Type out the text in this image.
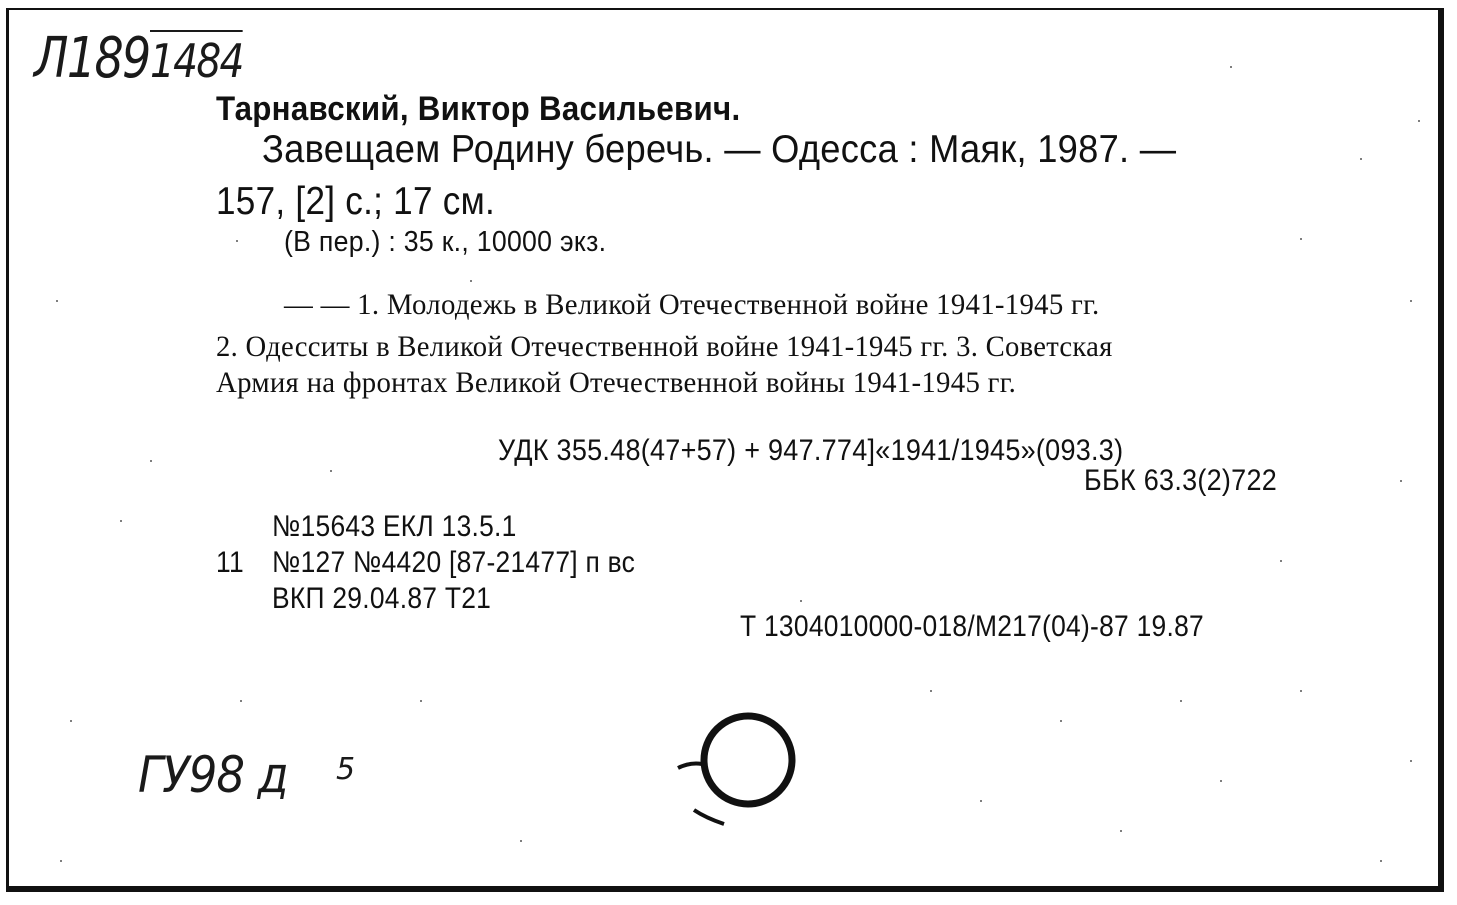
Л189 1484
Тарнавский, Виктор Васильевич.
Завещаем Родину беречь. — Одесса : Маяк, 1987. —
157, [2] с.; 17 см.
(В пер.) : 35 к., 10000 экз.
— — 1. Молодежь в Великой Отечественной войне 1941-1945 гг.
2. Одесситы в Великой Отечественной войне 1941-1945 гг. 3. Советская
Армия на фронтах Великой Отечественной войны 1941-1945 гг.
УДК 355.48(47+57) + 947.774]«1941/1945»(093.3)
ББК 63.3(2)722
№15643 ЕКЛ 13.5.1
11 №127 №4420 [87-21477] п вс
ВКП 29.04.87 Т21
Т 1304010000-018/М217(04)-87 19.87
ГУ98 д 5
